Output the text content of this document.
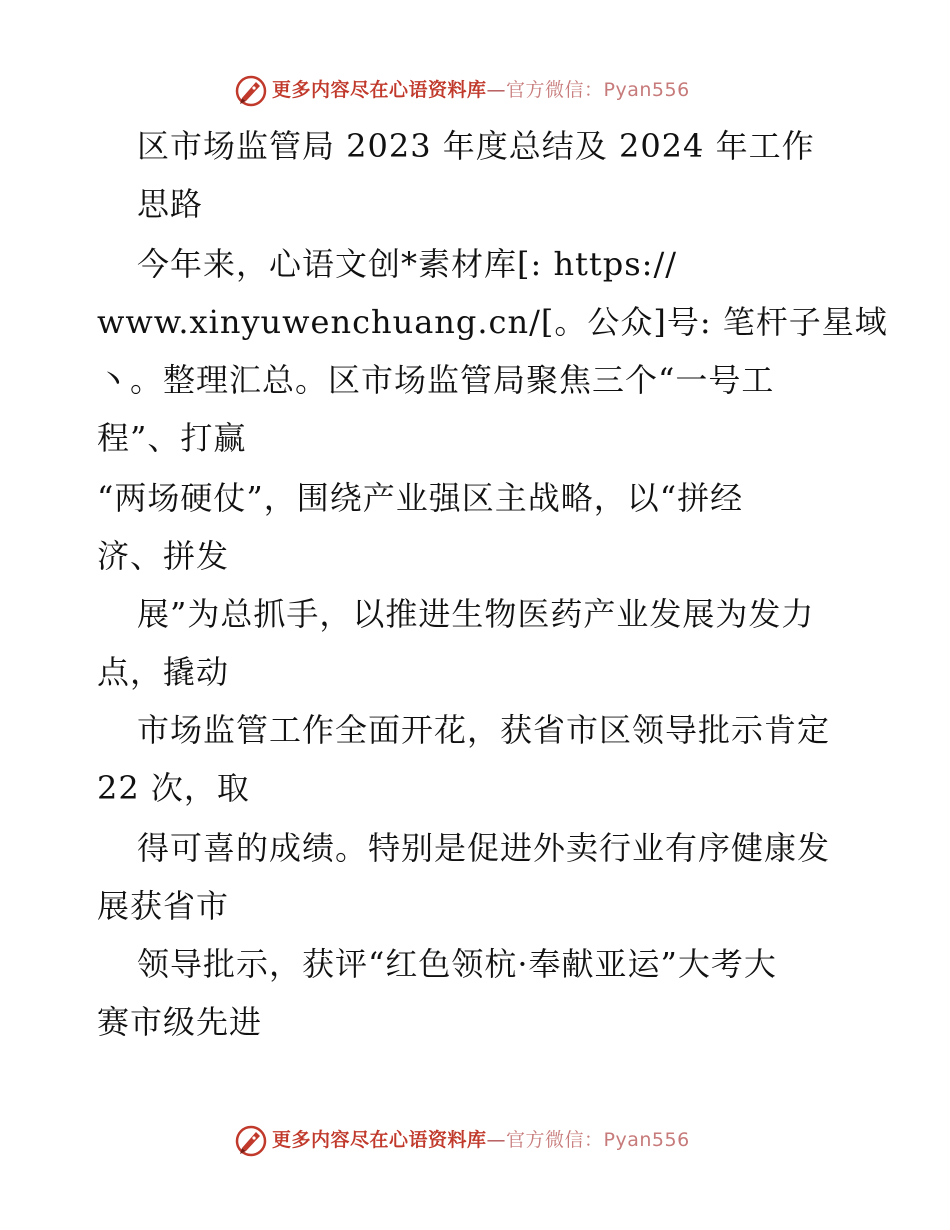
更多内容尽在心语资料库—官方微信：Pyan556
区市场监管局 2023 年度总结及 2024 年工作
思路
今年来，心语文创*素材库[: https://
www.xinyuwenchuang.cn/[。公众]号: 笔杆子星域
丶。整理汇总。区市场监管局聚焦三个“一号工
程”、打赢
“两场硬仗”，围绕产业强区主战略，以“拼经
济、拼发
展”为总抓手，以推进生物医药产业发展为发力
点，撬动
市场监管工作全面开花，获省市区领导批示肯定
22 次，取
得可喜的成绩。特别是促进外卖行业有序健康发
展获省市
领导批示，获评“红色领杭·奉献亚运”大考大
赛市级先进
更多内容尽在心语资料库—官方微信：Pyan556
